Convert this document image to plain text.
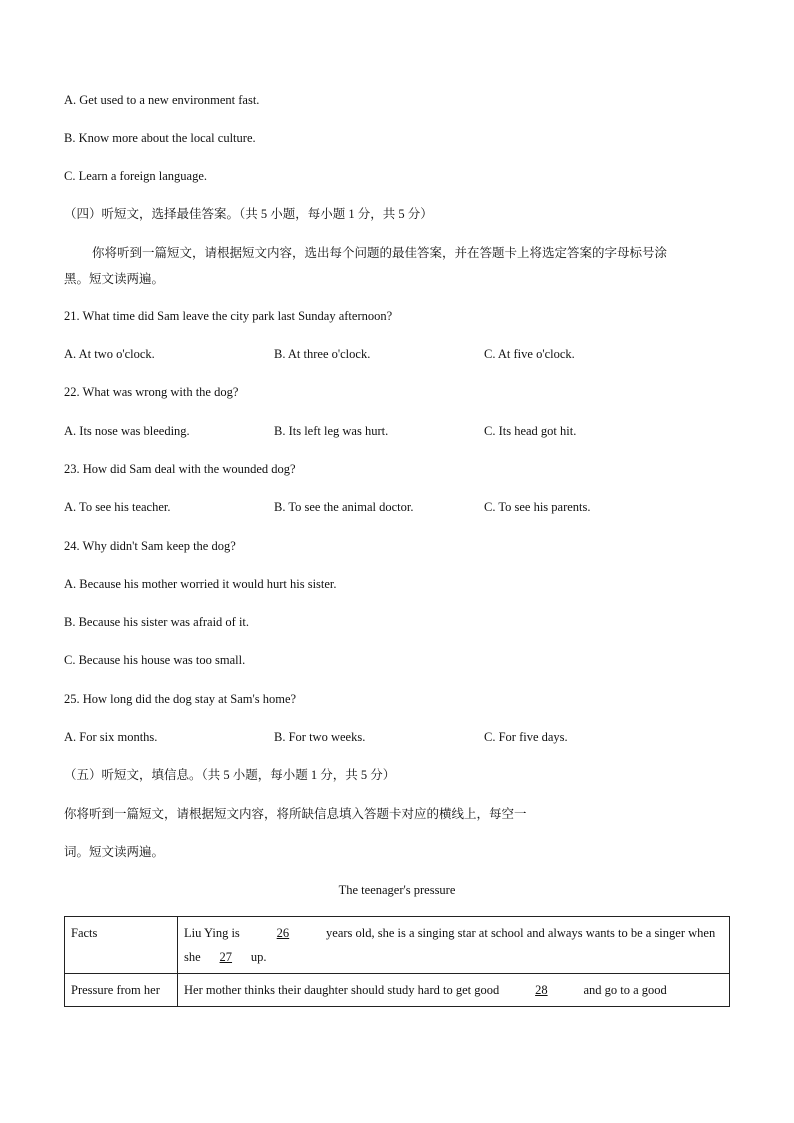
A. Get used to a new environment fast.
B. Know more about the local culture.
C. Learn a foreign language.
（四）听短文，选择最佳答案。（共 5 小题，每小题 1 分，共 5 分）
你将听到一篇短文，请根据短文内容，选出每个问题的最佳答案，并在答题卡上将选定答案的字母标号涂
黑。短文读两遍。
21. What time did Sam leave the city park last Sunday afternoon?
A. At two o'clock.	B. At three o'clock.	C. At five o'clock.
22. What was wrong with the dog?
A. Its nose was bleeding.	B. Its left leg was hurt.	C. Its head got hit.
23. How did Sam deal with the wounded dog?
A. To see his teacher.	B. To see the animal doctor.	C. To see his parents.
24. Why didn't Sam keep the dog?
A. Because his mother worried it would hurt his sister.
B. Because his sister was afraid of it.
C. Because his house was too small.
25. How long did the dog stay at Sam's home?
A. For six months.	B. For two weeks.	C. For five days.
（五）听短文，填信息。（共 5 小题，每小题 1 分，共 5 分）
你将听到一篇短文，请根据短文内容，将所缺信息填入答题卡对应的横线上，每空一
词。短文读两遍。
The teenager's pressure
Facts	Liu Ying is 26 years old, she is a singing star at school and always wants to be a singer when she 27 up.
Pressure from her	Her mother thinks their daughter should study hard to get good 28 and go to a good
